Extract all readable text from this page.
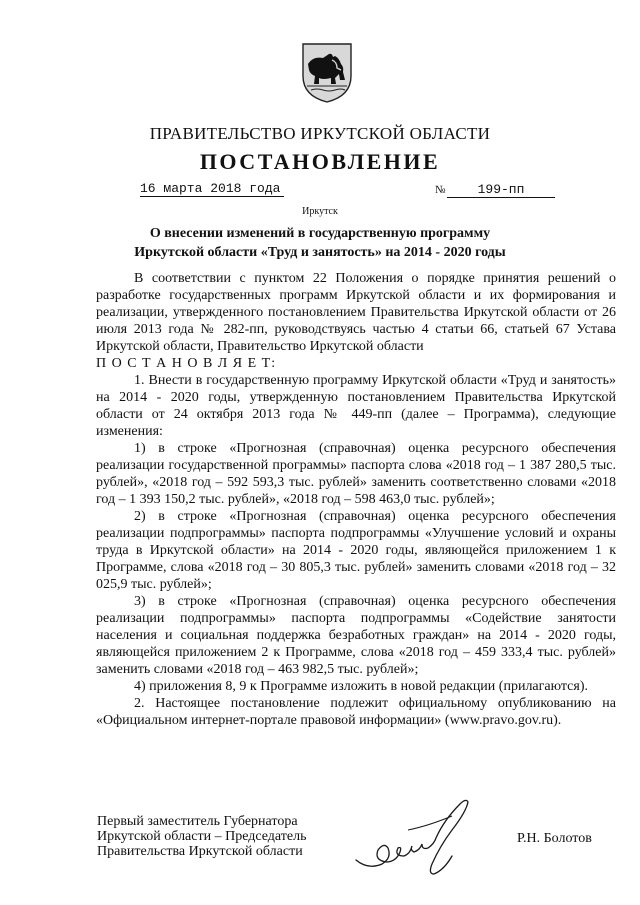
ПРАВИТЕЛЬСТВО ИРКУТСКОЙ ОБЛАСТИ
ПОСТАНОВЛЕНИЕ
16 марта 2018 года	№	199-пп
Иркутск
О внесении изменений в государственную программу
Иркутской области «Труд и занятость» на 2014 - 2020 годы

В соответствии с пунктом 22 Положения о порядке принятия решений о разработке государственных программ Иркутской области и их формирования и реализации, утвержденного постановлением Правительства Иркутской области от 26 июля 2013 года № 282-пп, руководствуясь частью 4 статьи 66, статьей 67 Устава Иркутской области, Правительство Иркутской области

П О С Т А Н О В Л Я Е Т:

1. Внести в государственную программу Иркутской области «Труд и занятость» на 2014 - 2020 годы, утвержденную постановлением Правительства Иркутской области от 24 октября 2013 года № 449-пп (далее – Программа), следующие изменения:

1) в строке «Прогнозная (справочная) оценка ресурсного обеспечения реализации государственной программы» паспорта слова «2018 год – 1 387 280,5 тыс. рублей», «2018 год – 592 593,3 тыс. рублей» заменить соответственно словами «2018 год – 1 393 150,2 тыс. рублей», «2018 год – 598 463,0 тыс. рублей»;

2) в строке «Прогнозная (справочная) оценка ресурсного обеспечения реализации подпрограммы» паспорта подпрограммы «Улучшение условий и охраны труда в Иркутской области» на 2014 - 2020 годы, являющейся приложением 1 к Программе, слова «2018 год – 30 805,3 тыс. рублей» заменить словами «2018 год – 32 025,9 тыс. рублей»;

3) в строке «Прогнозная (справочная) оценка ресурсного обеспечения реализации подпрограммы» паспорта подпрограммы «Содействие занятости населения и социальная поддержка безработных граждан» на 2014 - 2020 годы, являющейся приложением 2 к Программе, слова «2018 год – 459 333,4 тыс. рублей» заменить словами «2018 год – 463 982,5 тыс. рублей»;

4) приложения 8, 9 к Программе изложить в новой редакции (прилагаются).

2. Настоящее постановление подлежит официальному опубликованию на «Официальном интернет-портале правовой информации» (www.pravo.gov.ru).

Первый заместитель Губернатора
Иркутской области – Председатель
Правительства Иркутской области
Р.Н. Болотов
